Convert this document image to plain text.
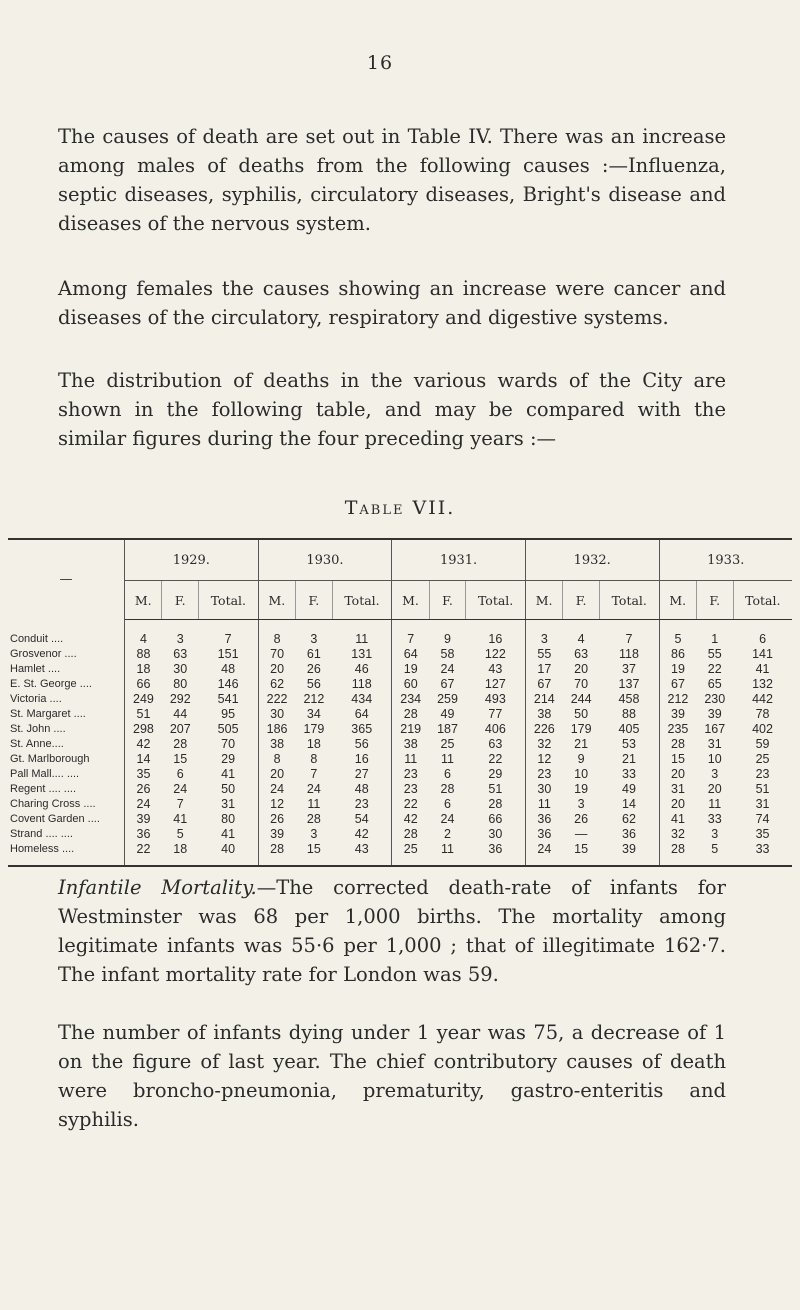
16

The causes of death are set out in Table IV. There was an increase among males of deaths from the following causes :—Influenza, septic diseases, syphilis, circulatory diseases, Bright's disease and diseases of the nervous system.

Among females the causes showing an increase were cancer and diseases of the circulatory, respiratory and digestive systems.

The distribution of deaths in the various wards of the City are shown in the following table, and may be compared with the similar figures during the four preceding years :—

Table VII.
—	1929.			1930.			1931.			1932.			1933.		
	M.	F.	Total.	M.	F.	Total.	M.	F.	Total.	M.	F.	Total.	M.	F.	Total.
Conduit ....	4	3	7	8	3	11	7	9	16	3	4	7	5	1	6
Grosvenor ....	88	63	151	70	61	131	64	58	122	55	63	118	86	55	141
Hamlet ....	18	30	48	20	26	46	19	24	43	17	20	37	19	22	41
E. St. George ....	66	80	146	62	56	118	60	67	127	67	70	137	67	65	132
Victoria ....	249	292	541	222	212	434	234	259	493	214	244	458	212	230	442
St. Margaret ....	51	44	95	30	34	64	28	49	77	38	50	88	39	39	78
St. John ....	298	207	505	186	179	365	219	187	406	226	179	405	235	167	402
St. Anne....	42	28	70	38	18	56	38	25	63	32	21	53	28	31	59
Gt. Marlborough	14	15	29	8	8	16	11	11	22	12	9	21	15	10	25
Pall Mall.... ....	35	6	41	20	7	27	23	6	29	23	10	33	20	3	23
Regent .... ....	26	24	50	24	24	48	23	28	51	30	19	49	31	20	51
Charing Cross ....	24	7	31	12	11	23	22	6	28	11	3	14	20	11	31
Covent Garden ....	39	41	80	26	28	54	42	24	66	36	26	62	41	33	74
Strand .... ....	36	5	41	39	3	42	28	2	30	36	—	36	32	3	35
Homeless ....	22	18	40	28	15	43	25	11	36	24	15	39	28	5	33

Infantile Mortality.—The corrected death-rate of infants for Westminster was 68 per 1,000 births. The mortality among legitimate infants was 55·6 per 1,000 ; that of illegitimate 162·7. The infant mortality rate for London was 59.

The number of infants dying under 1 year was 75, a decrease of 1 on the figure of last year. The chief contributory causes of death were broncho-pneumonia, prematurity, gastro-enteritis and syphilis.
